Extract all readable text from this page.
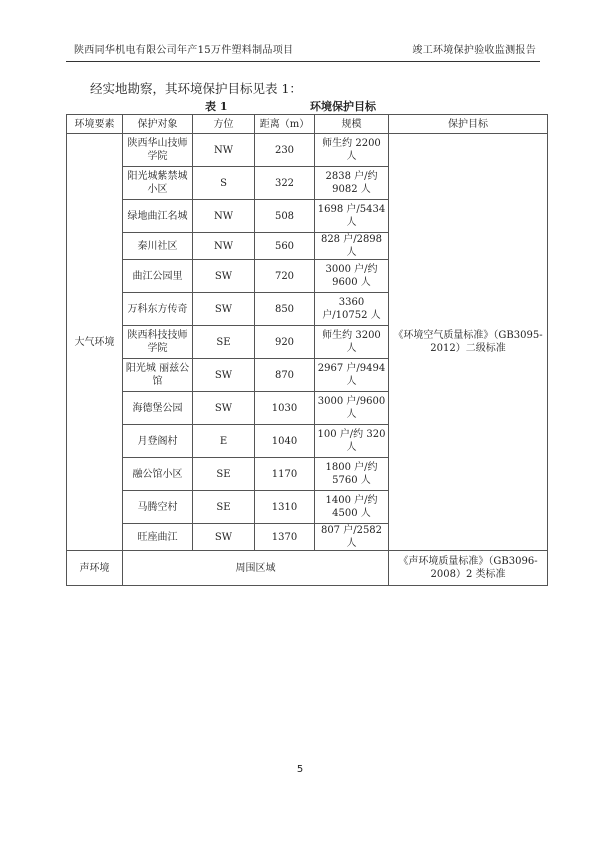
陕西同华机电有限公司年产15万件塑料制品项目	竣工环境保护验收监测报告
经实地勘察，其环境保护目标见表 1：
表 1	环境保护目标
环境要素	保护对象	方位	距离（m）	规模	保护目标
大气环境	陕西华山技师学院	NW	230	师生约 2200 人	《环境空气质量标准》（GB3095-2012）二级标准
	阳光城紫禁城小区	S	322	2838 户/约 9082 人	
	绿地曲江名城	NW	508	1698 户/5434 人	
	秦川社区	NW	560	828 户/2898 人	
	曲江公园里	SW	720	3000 户/约 9600 人	
	万科东方传奇	SW	850	3360 户/10752 人	
	陕西科技技师学院	SE	920	师生约 3200 人	
	阳光城 丽兹公馆	SW	870	2967 户/9494 人	
	海德堡公园	SW	1030	3000 户/9600 人	
	月登阁村	E	1040	100 户/约 320 人	
	融公馆小区	SE	1170	1800 户/约 5760 人	
	马腾空村	SE	1310	1400 户/约 4500 人	
	旺座曲江	SW	1370	807 户/2582 人	
声环境	周围区域				《声环境质量标准》（GB3096-2008）2 类标准
5
